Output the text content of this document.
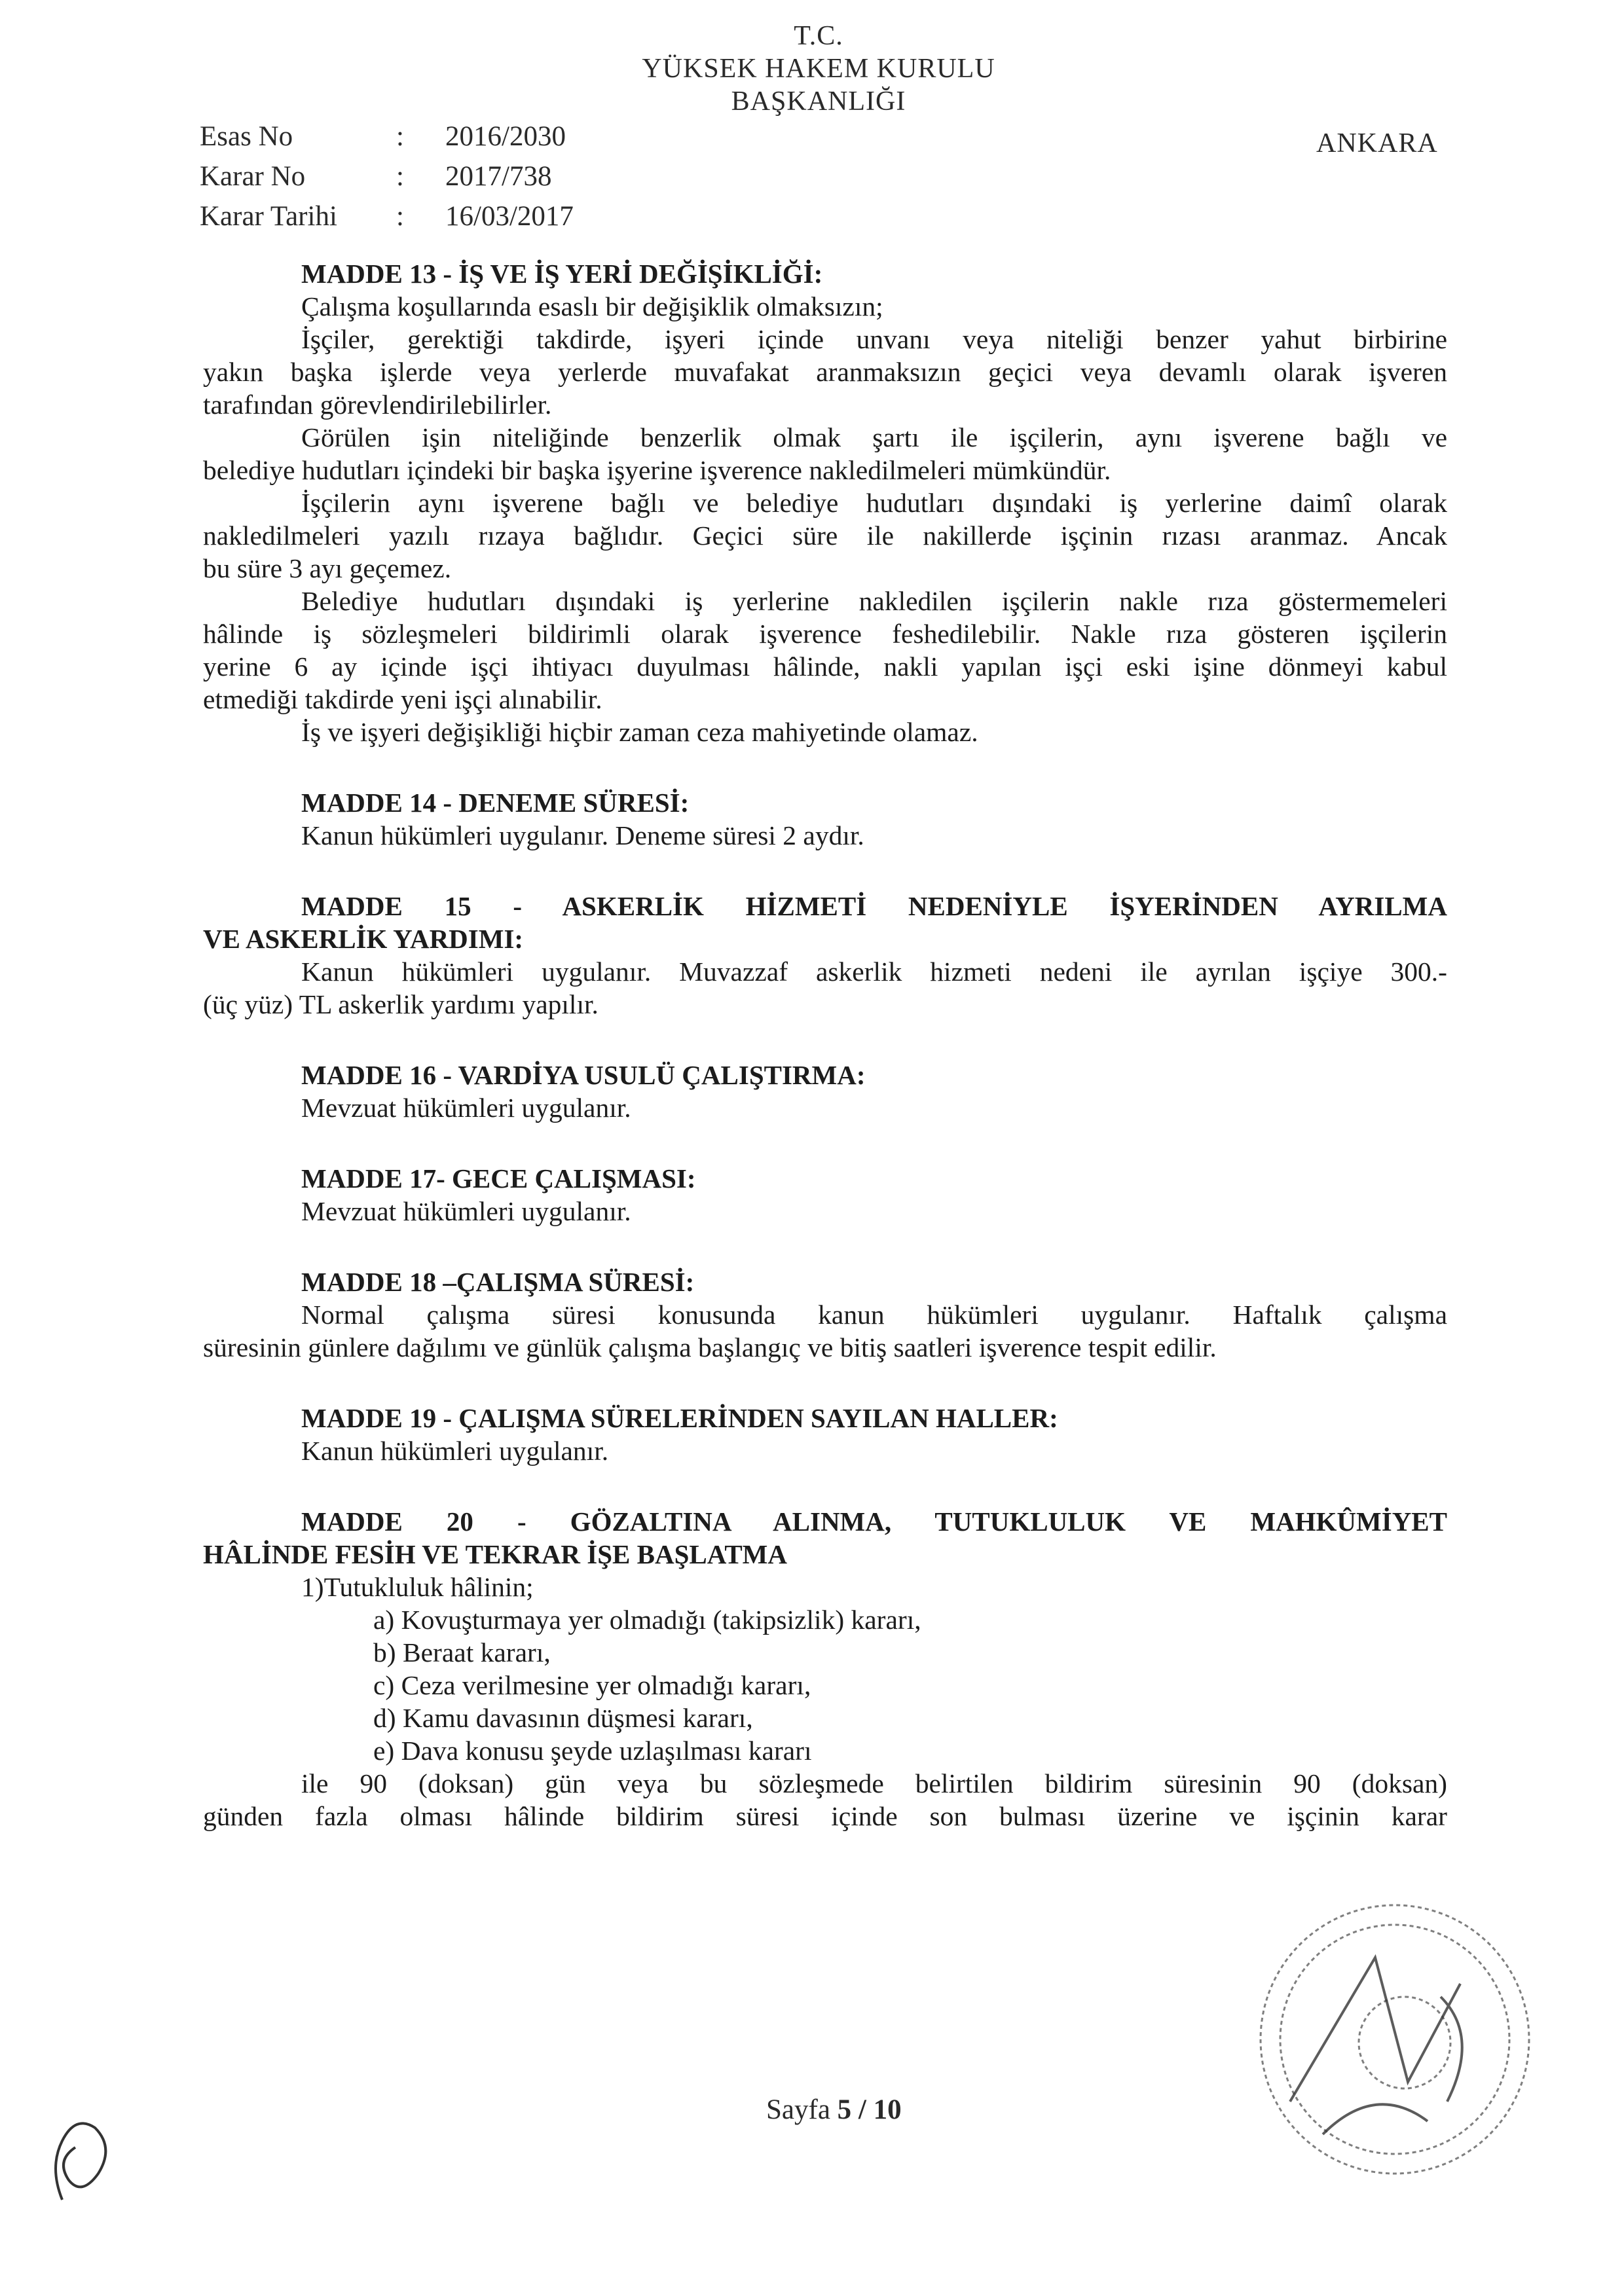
T.C.
YÜKSEK HAKEM KURULU
BAŞKANLIĞI
Esas No	:	2016/2030
Karar No	:	2017/738
Karar Tarihi	:	16/03/2017
ANKARA

MADDE 13 - İŞ VE İŞ YERİ DEĞİŞİKLİĞİ:

Çalışma koşullarında esaslı bir değişiklik olmaksızın;

İşçiler, gerektiği takdirde, işyeri içinde unvanı veya niteliği benzer yahut birbirine

yakın başka işlerde veya yerlerde muvafakat aranmaksızın geçici veya devamlı olarak işveren

tarafından görevlendirilebilirler.

Görülen işin niteliğinde benzerlik olmak şartı ile işçilerin, aynı işverene bağlı ve

belediye hudutları içindeki bir başka işyerine işverence nakledilmeleri mümkündür.

İşçilerin aynı işverene bağlı ve belediye hudutları dışındaki iş yerlerine daimî olarak

nakledilmeleri yazılı rızaya bağlıdır. Geçici süre ile nakillerde işçinin rızası aranmaz. Ancak

bu süre 3 ayı geçemez.

Belediye hudutları dışındaki iş yerlerine nakledilen işçilerin nakle rıza göstermemeleri

hâlinde iş sözleşmeleri bildirimli olarak işverence feshedilebilir. Nakle rıza gösteren işçilerin

yerine 6 ay içinde işçi ihtiyacı duyulması hâlinde, nakli yapılan işçi eski işine dönmeyi kabul

etmediği takdirde yeni işçi alınabilir.

İş ve işyeri değişikliği hiçbir zaman ceza mahiyetinde olamaz.

MADDE 14 - DENEME SÜRESİ:

Kanun hükümleri uygulanır. Deneme süresi 2 aydır.

MADDE 15 - ASKERLİK HİZMETİ NEDENİYLE İŞYERİNDEN AYRILMA

VE ASKERLİK YARDIMI:

Kanun hükümleri uygulanır. Muvazzaf askerlik hizmeti nedeni ile ayrılan işçiye 300.-

(üç yüz) TL askerlik yardımı yapılır.

MADDE 16 - VARDİYA USULÜ ÇALIŞTIRMA:

Mevzuat hükümleri uygulanır.

MADDE 17- GECE ÇALIŞMASI:

Mevzuat hükümleri uygulanır.

MADDE 18 –ÇALIŞMA SÜRESİ:

Normal çalışma süresi konusunda kanun hükümleri uygulanır. Haftalık çalışma

süresinin günlere dağılımı ve günlük çalışma başlangıç ve bitiş saatleri işverence tespit edilir.

MADDE 19 - ÇALIŞMA SÜRELERİNDEN SAYILAN HALLER:

Kanun hükümleri uygulanır.

MADDE 20 - GÖZALTINA ALINMA, TUTUKLULUK VE MAHKÛMİYET

HÂLİNDE FESİH VE TEKRAR İŞE BAŞLATMA

1)Tutukluluk hâlinin;

a) Kovuşturmaya yer olmadığı (takipsizlik) kararı,

b) Beraat kararı,

c) Ceza verilmesine yer olmadığı kararı,

d) Kamu davasının düşmesi kararı,

e) Dava konusu şeyde uzlaşılması kararı

ile 90 (doksan) gün veya bu sözleşmede belirtilen bildirim süresinin 90 (doksan)

günden fazla olması hâlinde bildirim süresi içinde son bulması üzerine ve işçinin karar

Sayfa 5 / 10
